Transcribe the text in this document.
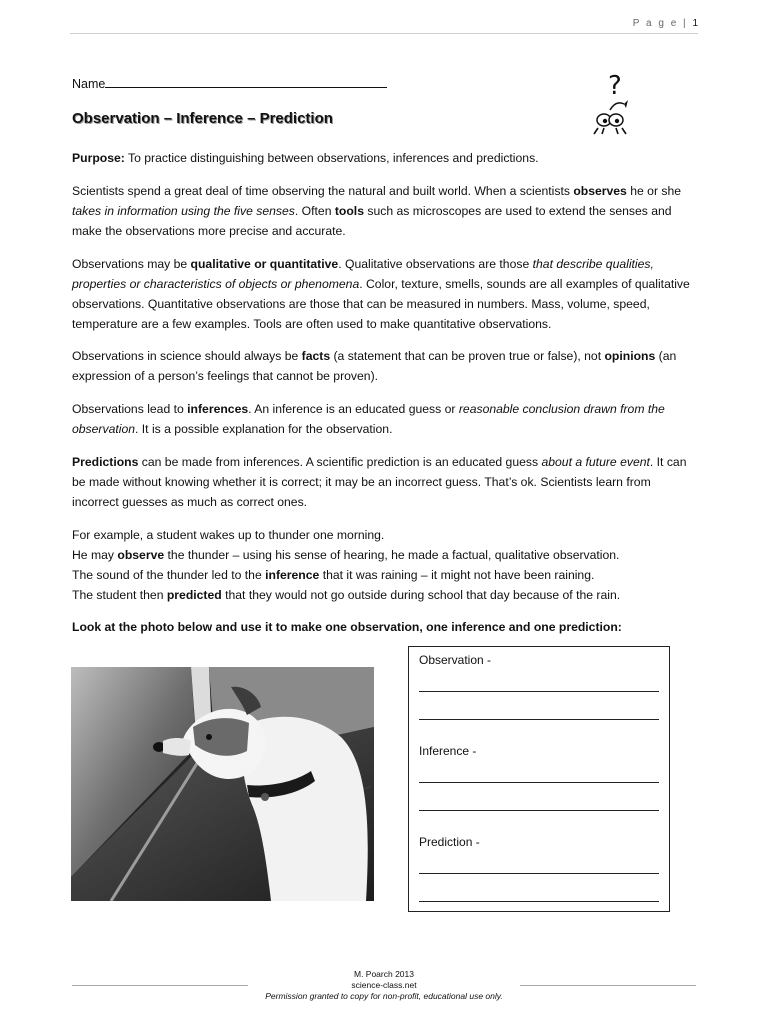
P a g e | 1
Name
Observation – Inference – Prediction
?

Purpose: To practice distinguishing between observations, inferences and predictions.

Scientists spend a great deal of time observing the natural and built world. When a scientists observes he or she takes in information using the five senses. Often tools such as microscopes are used to extend the senses and make the observations more precise and accurate.

Observations may be qualitative or quantitative. Qualitative observations are those that describe qualities, properties or characteristics of objects or phenomena. Color, texture, smells, sounds are all examples of qualitative observations. Quantitative observations are those that can be measured in numbers. Mass, volume, speed, temperature are a few examples. Tools are often used to make quantitative observations.

Observations in science should always be facts (a statement that can be proven true or false), not opinions (an expression of a person’s feelings that cannot be proven).

Observations lead to inferences. An inference is an educated guess or reasonable conclusion drawn from the observation. It is a possible explanation for the observation.

Predictions can be made from inferences. A scientific prediction is an educated guess about a future event. It can be made without knowing whether it is correct; it may be an incorrect guess. That’s ok. Scientists learn from incorrect guesses as much as correct ones.

For example, a student wakes up to thunder one morning.
He may observe the thunder – using his sense of hearing, he made a factual, qualitative observation.
The sound of the thunder led to the inference that it was raining – it might not have been raining.
The student then predicted that they would not go outside during school that day because of the rain.

Look at the photo below and use it to make one observation, one inference and one prediction:

Observation -
Inference -
Prediction -
M. Poarch 2013
science-class.net
Permission granted to copy for non-profit, educational use only.
